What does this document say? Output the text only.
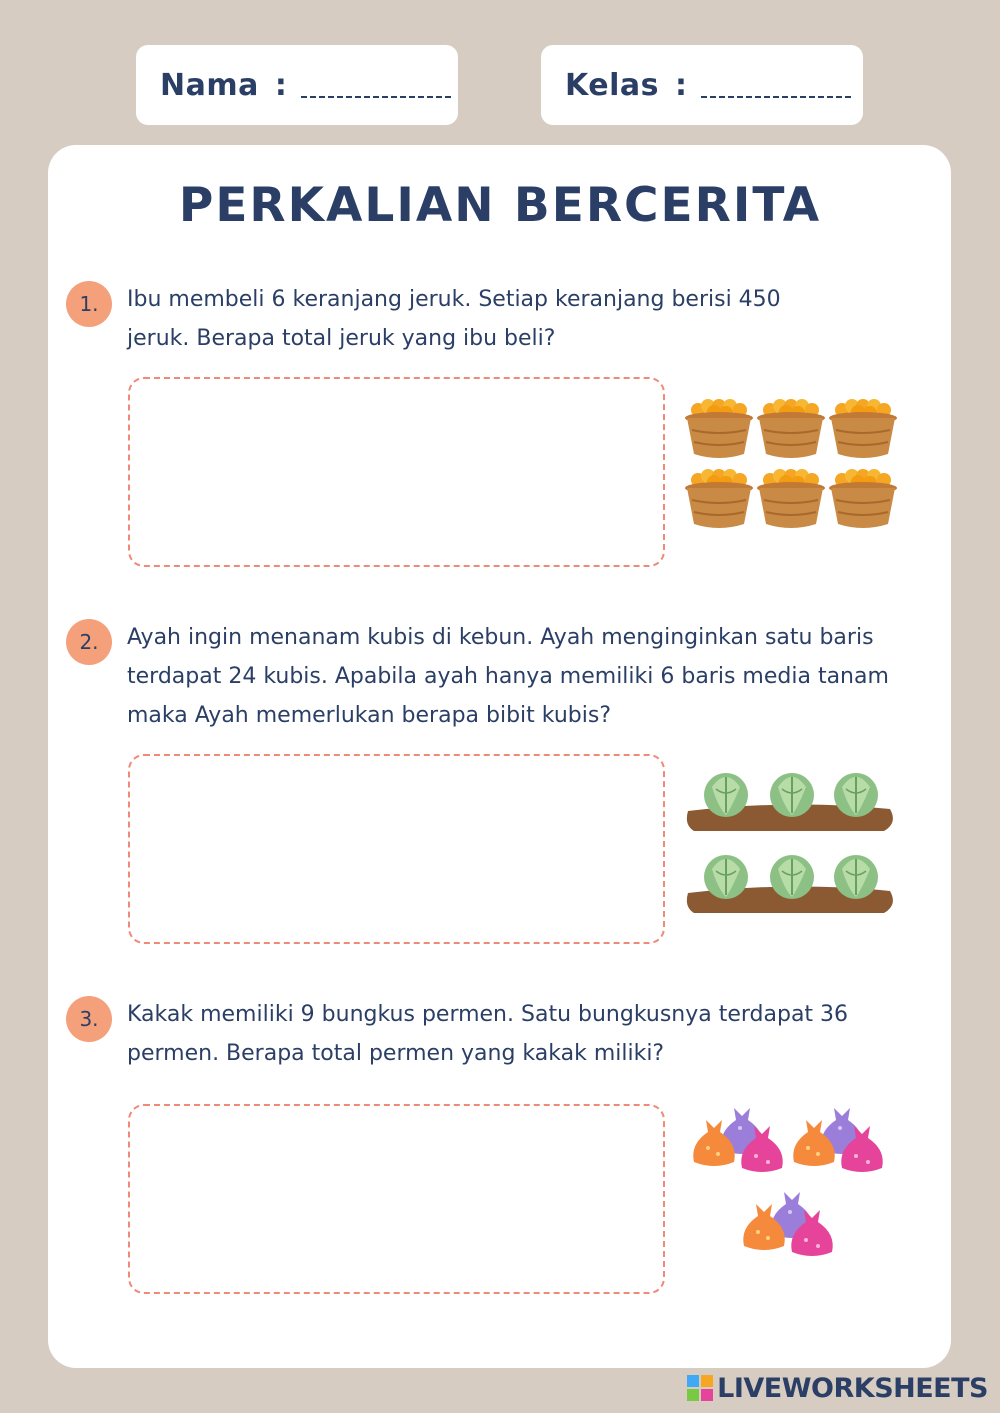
Nama :	Kelas :
PERKALIAN BERCERITA
1.	Ibu membeli 6 keranjang jeruk. Setiap keranjang berisi 450 jeruk. Berapa total jeruk yang ibu beli?
2.	Ayah ingin menanam kubis di kebun. Ayah menginginkan satu baris terdapat 24 kubis. Apabila ayah hanya memiliki 6 baris media tanam maka Ayah memerlukan berapa bibit kubis?
3.	Kakak memiliki 9 bungkus permen. Satu bungkusnya terdapat 36 permen. Berapa total permen yang kakak miliki?
LIVEWORKSHEETS
